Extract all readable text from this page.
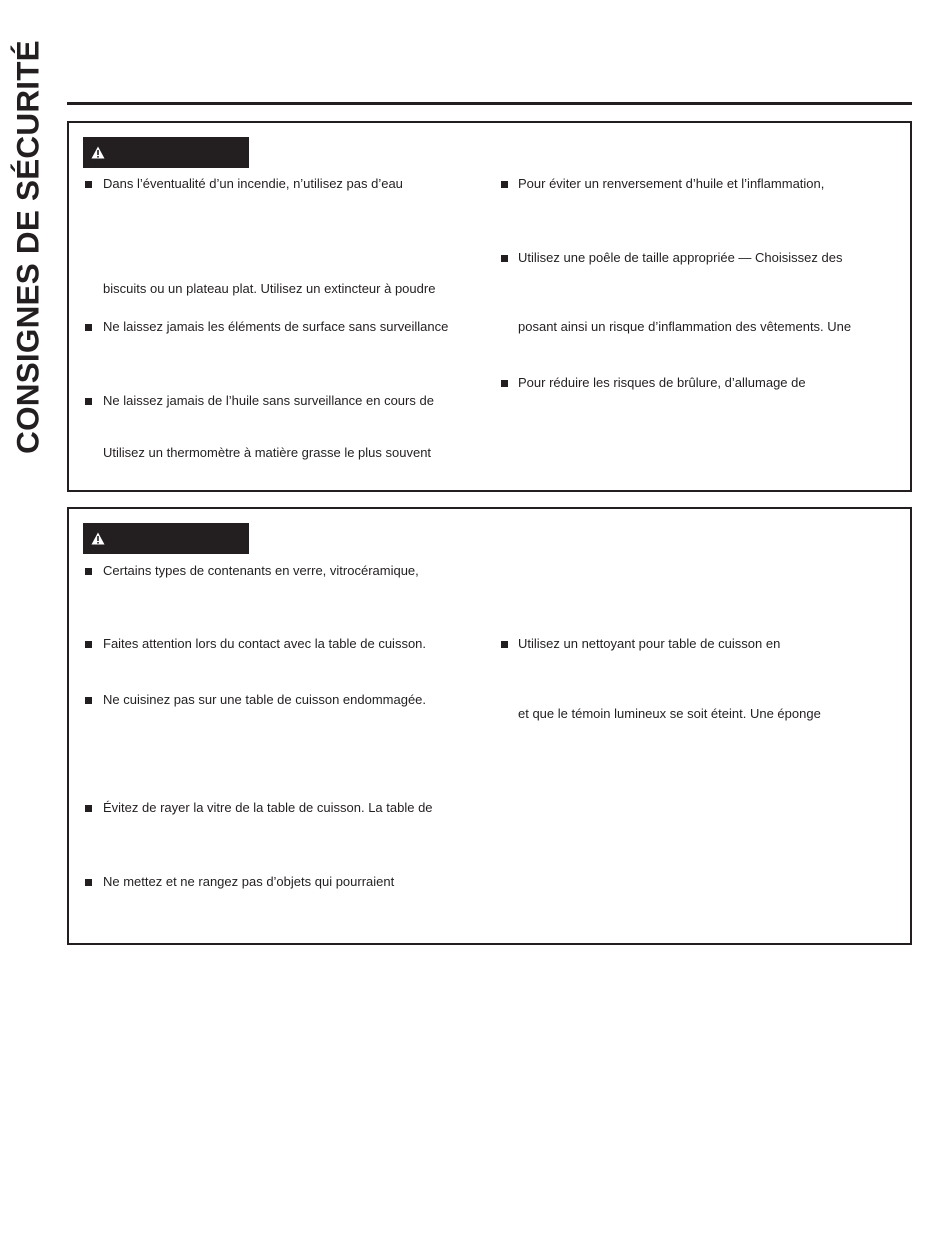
CONSIGNES DE SÉCURITÉ	Dans l’éventualité d’un incendie, n’utilisez pas d’eau
biscuits ou un plateau plat. Utilisez un extincteur à poudre
Ne laissez jamais les éléments de surface sans surveillance
Ne laissez jamais de l’huile sans surveillance en cours de
Utilisez un thermomètre à matière grasse le plus souvent
Pour éviter un renversement d’huile et l’inflammation,
Utilisez une poêle de taille appropriée — Choisissez des
posant ainsi un risque d’inflammation des vêtements. Une
Pour réduire les risques de brûlure, d’allumage de
Certains types de contenants en verre, vitrocéramique,
Faites attention lors du contact avec la table de cuisson.
Ne cuisinez pas sur une table de cuisson endommagée.
Évitez de rayer la vitre de la table de cuisson. La table de
Ne mettez et ne rangez pas d’objets qui pourraient
Utilisez un nettoyant pour table de cuisson en
et que le témoin lumineux se soit éteint. Une éponge
